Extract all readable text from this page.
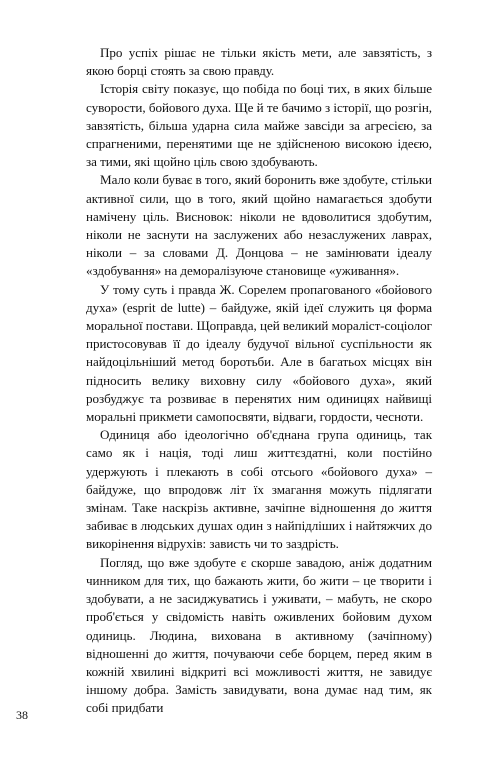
Про успіх рішає не тільки якість мети, але завзятість, з якою борці стоять за свою правду.

Історія світу показує, що побіда по боці тих, в яких більше суворости, бойового духа. Ще й те бачимо з історії, що розгін, завзятість, більша ударна сила майже завсіди за агресією, за спрагненими, перенятими ще не здійсненою високою ідеєю, за тими, які щойно ціль свою здобувають.

Мало коли буває в того, який боронить вже здобуте, стільки активної сили, що в того, який щойно намагається здобути намічену ціль. Висновок: ніколи не вдоволитися здобутим, ніколи не заснути на заслужених або незаслужених лаврах, ніколи – за словами Д. Донцова – не замінювати ідеалу «здобування» на деморалізуюче становище «уживання».

У тому суть і правда Ж. Сорелем пропагованого «бойового духа» (esprit de lutte) – байдуже, якій ідеї служить ця форма моральної постави. Щоправда, цей великий мораліст-соціолог пристосовував її до ідеалу будучої вільної суспільности як найдоцільніший метод боротьби. Але в багатьох місцях він підносить велику виховну силу «бойового духа», який розбуджує та розвиває в перенятих ним одиницях найвищі моральні прикмети самопосвяти, відваги, гордости, чесноти.

Одиниця або ідеологічно об'єднана група одиниць, так само як і нація, тоді лиш життєздатні, коли постійно удержують і плекають в собі отсього «бойового духа» – байдуже, що впродовж літ їх змагання можуть підлягати змінам. Таке наскрізь активне, зачіпне відношення до життя забиває в людських душах один з найпідліших і найтяжчих до викорінення відрухів: зависть чи то заздрість.

Погляд, що вже здобуте є скорше завадою, аніж додатним чинником для тих, що бажають жити, бо жити – це творити і здобувати, а не засиджуватись і уживати, – мабуть, не скоро проб'ється у свідомість навіть оживлених бойовим духом одиниць. Людина, вихована в активному (зачіпному) відношенні до життя, почуваючи себе борцем, перед яким в кожній хвилині відкриті всі можливості життя, не завидує іншому добра. Замість завидувати, вона думає над тим, як собі придбати

38
